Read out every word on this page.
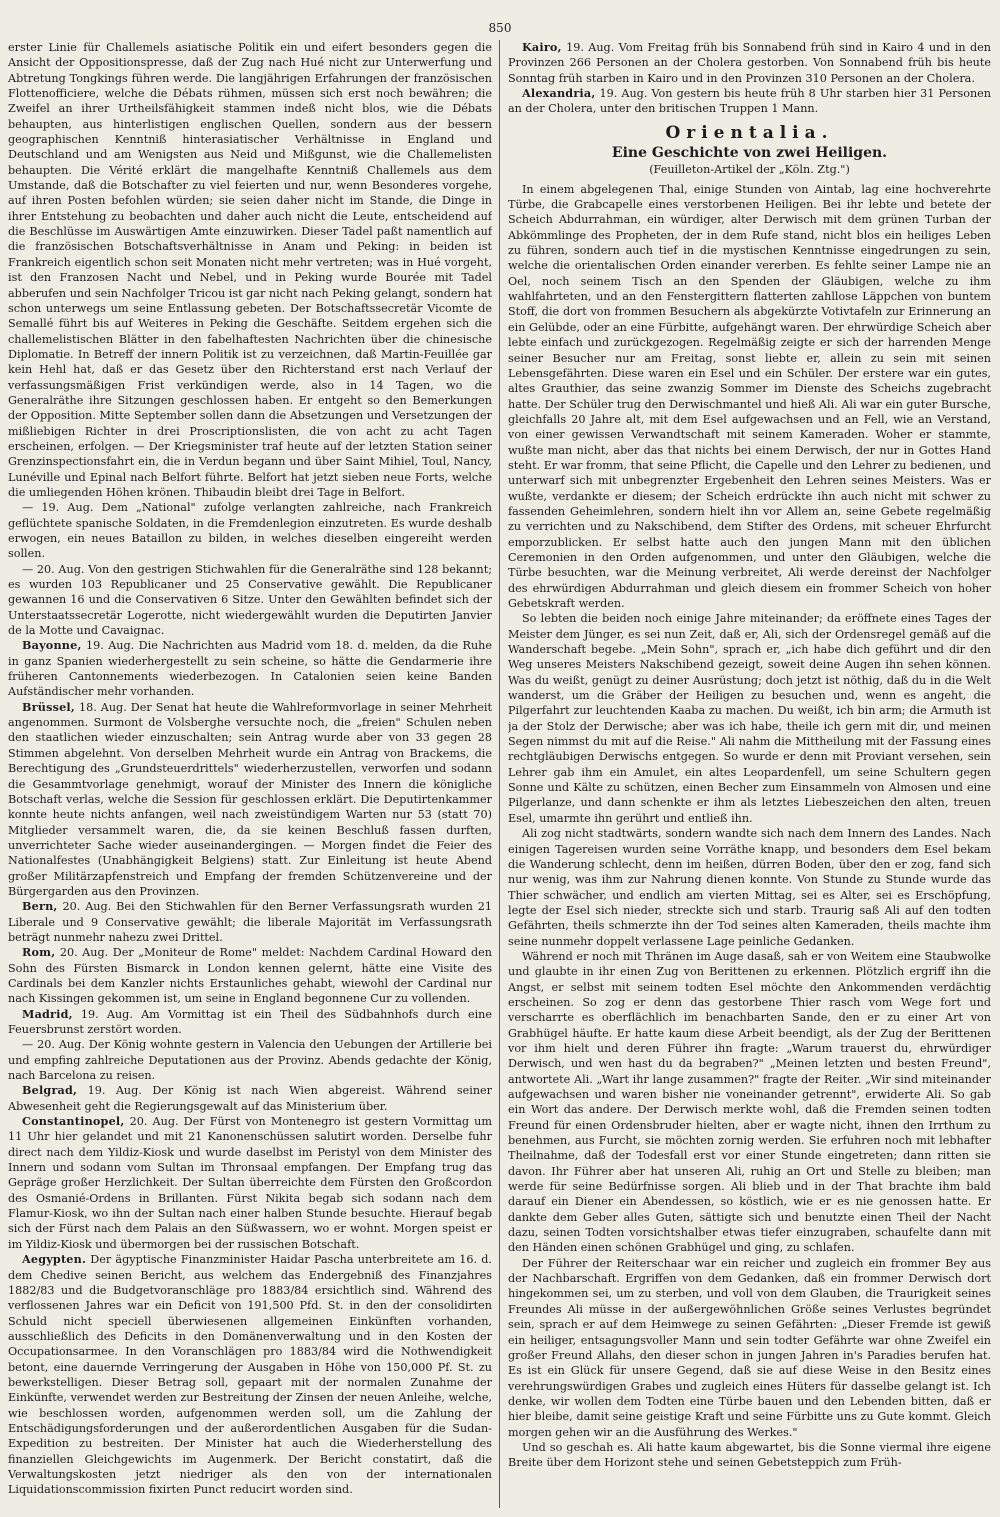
850

erster Linie für Challemels asiatische Politik ein und eifert besonders gegen die Ansicht der Oppositionspresse, daß der Zug nach Hué nicht zur Unterwerfung und Abtretung Tongkings führen werde. Die langjährigen Erfahrungen der französischen Flottenofficiere, welche die Débats rühmen, müssen sich erst noch bewähren; die Zweifel an ihrer Urtheilsfähigkeit stammen indeß nicht blos, wie die Débats behaupten, aus hinterlistigen englischen Quellen, sondern aus der bessern geographischen Kenntniß hinterasiatischer Verhältnisse in England und Deutschland und am Wenigsten aus Neid und Mißgunst, wie die Challemelisten behaupten. Die Vérité erklärt die mangelhafte Kenntniß Challemels aus dem Umstande, daß die Botschafter zu viel feierten und nur, wenn Besonderes vorgehe, auf ihren Posten befohlen würden; sie seien daher nicht im Stande, die Dinge in ihrer Entstehung zu beobachten und daher auch nicht die Leute, entscheidend auf die Beschlüsse im Auswärtigen Amte einzuwirken. Dieser Tadel paßt namentlich auf die französischen Botschaftsverhältnisse in Anam und Peking: in beiden ist Frankreich eigentlich schon seit Monaten nicht mehr vertreten; was in Hué vorgeht, ist den Franzosen Nacht und Nebel, und in Peking wurde Bourée mit Tadel abberufen und sein Nachfolger Tricou ist gar nicht nach Peking gelangt, sondern hat schon unterwegs um seine Entlassung gebeten. Der Botschaftssecretär Vicomte de Semallé führt bis auf Weiteres in Peking die Geschäfte. Seitdem ergehen sich die challemelistischen Blätter in den fabelhaftesten Nachrichten über die chinesische Diplomatie. In Betreff der innern Politik ist zu verzeichnen, daß Martin-Feuillée gar kein Hehl hat, daß er das Gesetz über den Richterstand erst nach Verlauf der verfassungsmäßigen Frist verkündigen werde, also in 14 Tagen, wo die Generalräthe ihre Sitzungen geschlossen haben. Er entgeht so den Bemerkungen der Opposition. Mitte September sollen dann die Absetzungen und Versetzungen der mißliebigen Richter in drei Proscriptionslisten, die von acht zu acht Tagen erscheinen, erfolgen. — Der Kriegsminister traf heute auf der letzten Station seiner Grenzinspectionsfahrt ein, die in Verdun begann und über Saint Mihiel, Toul, Nancy, Lunéville und Epinal nach Belfort führte. Belfort hat jetzt sieben neue Forts, welche die umliegenden Höhen krönen. Thibaudin bleibt drei Tage in Belfort.

— 19. Aug. Dem „National" zufolge verlangten zahlreiche, nach Frankreich geflüchtete spanische Soldaten, in die Fremdenlegion einzutreten. Es wurde deshalb erwogen, ein neues Bataillon zu bilden, in welches dieselben eingereiht werden sollen.

— 20. Aug. Von den gestrigen Stichwahlen für die Generalräthe sind 128 bekannt; es wurden 103 Republicaner und 25 Conservative gewählt. Die Republicaner gewannen 16 und die Conservativen 6 Sitze. Unter den Gewählten befindet sich der Unterstaatssecretär Logerotte, nicht wiedergewählt wurden die Deputirten Janvier de la Motte und Cavaignac.

Bayonne, 19. Aug. Die Nachrichten aus Madrid vom 18. d. melden, da die Ruhe in ganz Spanien wiederhergestellt zu sein scheine, so hätte die Gendarmerie ihre früheren Cantonnements wiederbezogen. In Catalonien seien keine Banden Aufständischer mehr vorhanden.

Brüssel, 18. Aug. Der Senat hat heute die Wahlreformvorlage in seiner Mehrheit angenommen. Surmont de Volsberghe versuchte noch, die „freien" Schulen neben den staatlichen wieder einzuschalten; sein Antrag wurde aber von 33 gegen 28 Stimmen abgelehnt. Von derselben Mehrheit wurde ein Antrag von Brackems, die Berechtigung des „Grundsteuerdrittels" wiederherzustellen, verworfen und sodann die Gesammtvorlage genehmigt, worauf der Minister des Innern die königliche Botschaft verlas, welche die Session für geschlossen erklärt. Die Deputirtenkammer konnte heute nichts anfangen, weil nach zweistündigem Warten nur 53 (statt 70) Mitglieder versammelt waren, die, da sie keinen Beschluß fassen durften, unverrichteter Sache wieder auseinandergingen. — Morgen findet die Feier des Nationalfestes (Unabhängigkeit Belgiens) statt. Zur Einleitung ist heute Abend großer Militärzapfenstreich und Empfang der fremden Schützenvereine und der Bürgergarden aus den Provinzen.

Bern, 20. Aug. Bei den Stichwahlen für den Berner Verfassungsrath wurden 21 Liberale und 9 Conservative gewählt; die liberale Majorität im Verfassungsrath beträgt nunmehr nahezu zwei Drittel.

Rom, 20. Aug. Der „Moniteur de Rome" meldet: Nachdem Cardinal Howard den Sohn des Fürsten Bismarck in London kennen gelernt, hätte eine Visite des Cardinals bei dem Kanzler nichts Erstaunliches gehabt, wiewohl der Cardinal nur nach Kissingen gekommen ist, um seine in England begonnene Cur zu vollenden.

Madrid, 19. Aug. Am Vormittag ist ein Theil des Südbahnhofs durch eine Feuersbrunst zerstört worden.

— 20. Aug. Der König wohnte gestern in Valencia den Uebungen der Artillerie bei und empfing zahlreiche Deputationen aus der Provinz. Abends gedachte der König, nach Barcelona zu reisen.

Belgrad, 19. Aug. Der König ist nach Wien abgereist. Während seiner Abwesenheit geht die Regierungsgewalt auf das Ministerium über.

Constantinopel, 20. Aug. Der Fürst von Montenegro ist gestern Vormittag um 11 Uhr hier gelandet und mit 21 Kanonenschüssen salutirt worden. Derselbe fuhr direct nach dem Yildiz-Kiosk und wurde daselbst im Peristyl von dem Minister des Innern und sodann vom Sultan im Thronsaal empfangen. Der Empfang trug das Gepräge großer Herzlichkeit. Der Sultan überreichte dem Fürsten den Großcordon des Osmanié-Ordens in Brillanten. Fürst Nikita begab sich sodann nach dem Flamur-Kiosk, wo ihn der Sultan nach einer halben Stunde besuchte. Hierauf begab sich der Fürst nach dem Palais an den Süßwassern, wo er wohnt. Morgen speist er im Yildiz-Kiosk und übermorgen bei der russischen Botschaft.

Aegypten. Der ägyptische Finanzminister Haidar Pascha unterbreitete am 16. d. dem Chedive seinen Bericht, aus welchem das Endergebniß des Finanzjahres 1882/83 und die Budgetvoranschläge pro 1883/84 ersichtlich sind. Während des verflossenen Jahres war ein Deficit von 191,500 Pfd. St. in den der consolidirten Schuld nicht speciell überwiesenen allgemeinen Einkünften vorhanden, ausschließlich des Deficits in den Domänenverwaltung und in den Kosten der Occupationsarmee. In den Voranschlägen pro 1883/84 wird die Nothwendigkeit betont, eine dauernde Verringerung der Ausgaben in Höhe von 150,000 Pf. St. zu bewerkstelligen. Dieser Betrag soll, gepaart mit der normalen Zunahme der Einkünfte, verwendet werden zur Bestreitung der Zinsen der neuen Anleihe, welche, wie beschlossen worden, aufgenommen werden soll, um die Zahlung der Entschädigungsforderungen und der außerordentlichen Ausgaben für die Sudan-Expedition zu bestreiten. Der Minister hat auch die Wiederherstellung des finanziellen Gleichgewichts im Augenmerk. Der Bericht constatirt, daß die Verwaltungskosten jetzt niedriger als den von der internationalen Liquidationscommission fixirten Punct reducirt worden sind.

Kairo, 19. Aug. Vom Freitag früh bis Sonnabend früh sind in Kairo 4 und in den Provinzen 266 Personen an der Cholera gestorben. Von Sonnabend früh bis heute Sonntag früh starben in Kairo und in den Provinzen 310 Personen an der Cholera.

Alexandria, 19. Aug. Von gestern bis heute früh 8 Uhr starben hier 31 Personen an der Cholera, unter den britischen Truppen 1 Mann.

Orientalia.
Eine Geschichte von zwei Heiligen.
(Feuilleton-Artikel der „Köln. Ztg.")

In einem abgelegenen Thal, einige Stunden von Aintab, lag eine hochverehrte Türbe, die Grabcapelle eines verstorbenen Heiligen. Bei ihr lebte und betete der Scheich Abdurrahman, ein würdiger, alter Derwisch mit dem grünen Turban der Abkömmlinge des Propheten, der in dem Rufe stand, nicht blos ein heiliges Leben zu führen, sondern auch tief in die mystischen Kenntnisse eingedrungen zu sein, welche die orientalischen Orden einander vererben. Es fehlte seiner Lampe nie an Oel, noch seinem Tisch an den Spenden der Gläubigen, welche zu ihm wahlfahrteten, und an den Fenstergittern flatterten zahllose Läppchen von buntem Stoff, die dort von frommen Besuchern als abgekürzte Votivtafeln zur Erinnerung an ein Gelübde, oder an eine Fürbitte, aufgehängt waren. Der ehrwürdige Scheich aber lebte einfach und zurückgezogen. Regelmäßig zeigte er sich der harrenden Menge seiner Besucher nur am Freitag, sonst liebte er, allein zu sein mit seinen Lebensgefährten. Diese waren ein Esel und ein Schüler. Der erstere war ein gutes, altes Grauthier, das seine zwanzig Sommer im Dienste des Scheichs zugebracht hatte. Der Schüler trug den Derwischmantel und hieß Ali. Ali war ein guter Bursche, gleichfalls 20 Jahre alt, mit dem Esel aufgewachsen und an Fell, wie an Verstand, von einer gewissen Verwandtschaft mit seinem Kameraden. Woher er stammte, wußte man nicht, aber das that nichts bei einem Derwisch, der nur in Gottes Hand steht. Er war fromm, that seine Pflicht, die Capelle und den Lehrer zu bedienen, und unterwarf sich mit unbegrenzter Ergebenheit den Lehren seines Meisters. Was er wußte, verdankte er diesem; der Scheich erdrückte ihn auch nicht mit schwer zu fassenden Geheimlehren, sondern hielt ihn vor Allem an, seine Gebete regelmäßig zu verrichten und zu Nakschibend, dem Stifter des Ordens, mit scheuer Ehrfurcht emporzublicken. Er selbst hatte auch den jungen Mann mit den üblichen Ceremonien in den Orden aufgenommen, und unter den Gläubigen, welche die Türbe besuchten, war die Meinung verbreitet, Ali werde dereinst der Nachfolger des ehrwürdigen Abdurrahman und gleich diesem ein frommer Scheich von hoher Gebetskraft werden.

So lebten die beiden noch einige Jahre miteinander; da eröffnete eines Tages der Meister dem Jünger, es sei nun Zeit, daß er, Ali, sich der Ordensregel gemäß auf die Wanderschaft begebe. „Mein Sohn", sprach er, „ich habe dich geführt und dir den Weg unseres Meisters Nakschibend gezeigt, soweit deine Augen ihn sehen können. Was du weißt, genügt zu deiner Ausrüstung; doch jetzt ist nöthig, daß du in die Welt wanderst, um die Gräber der Heiligen zu besuchen und, wenn es angeht, die Pilgerfahrt zur leuchtenden Kaaba zu machen. Du weißt, ich bin arm; die Armuth ist ja der Stolz der Derwische; aber was ich habe, theile ich gern mit dir, und meinen Segen nimmst du mit auf die Reise." Ali nahm die Mittheilung mit der Fassung eines rechtgläubigen Derwischs entgegen. So wurde er denn mit Proviant versehen, sein Lehrer gab ihm ein Amulet, ein altes Leopardenfell, um seine Schultern gegen Sonne und Kälte zu schützen, einen Becher zum Einsammeln von Almosen und eine Pilgerlanze, und dann schenkte er ihm als letztes Liebeszeichen den alten, treuen Esel, umarmte ihn gerührt und entließ ihn.

Ali zog nicht stadtwärts, sondern wandte sich nach dem Innern des Landes. Nach einigen Tagereisen wurden seine Vorräthe knapp, und besonders dem Esel bekam die Wanderung schlecht, denn im heißen, dürren Boden, über den er zog, fand sich nur wenig, was ihm zur Nahrung dienen konnte. Von Stunde zu Stunde wurde das Thier schwächer, und endlich am vierten Mittag, sei es Alter, sei es Erschöpfung, legte der Esel sich nieder, streckte sich und starb. Traurig saß Ali auf den todten Gefährten, theils schmerzte ihn der Tod seines alten Kameraden, theils machte ihm seine nunmehr doppelt verlassene Lage peinliche Gedanken.

Während er noch mit Thränen im Auge dasaß, sah er von Weitem eine Staubwolke und glaubte in ihr einen Zug von Berittenen zu erkennen. Plötzlich ergriff ihn die Angst, er selbst mit seinem todten Esel möchte den Ankommenden verdächtig erscheinen. So zog er denn das gestorbene Thier rasch vom Wege fort und verscharrte es oberflächlich im benachbarten Sande, den er zu einer Art von Grabhügel häufte. Er hatte kaum diese Arbeit beendigt, als der Zug der Berittenen vor ihm hielt und deren Führer ihn fragte: „Warum trauerst du, ehrwürdiger Derwisch, und wen hast du da begraben?" „Meinen letzten und besten Freund", antwortete Ali. „Wart ihr lange zusammen?" fragte der Reiter. „Wir sind miteinander aufgewachsen und waren bisher nie voneinander getrennt", erwiderte Ali. So gab ein Wort das andere. Der Derwisch merkte wohl, daß die Fremden seinen todten Freund für einen Ordensbruder hielten, aber er wagte nicht, ihnen den Irrthum zu benehmen, aus Furcht, sie möchten zornig werden. Sie erfuhren noch mit lebhafter Theilnahme, daß der Todesfall erst vor einer Stunde eingetreten; dann ritten sie davon. Ihr Führer aber hat unseren Ali, ruhig an Ort und Stelle zu bleiben; man werde für seine Bedürfnisse sorgen. Ali blieb und in der That brachte ihm bald darauf ein Diener ein Abendessen, so köstlich, wie er es nie genossen hatte. Er dankte dem Geber alles Guten, sättigte sich und benutzte einen Theil der Nacht dazu, seinen Todten vorsichtshalber etwas tiefer einzugraben, schaufelte dann mit den Händen einen schönen Grabhügel und ging, zu schlafen.

Der Führer der Reiterschaar war ein reicher und zugleich ein frommer Bey aus der Nachbarschaft. Ergriffen von dem Gedanken, daß ein frommer Derwisch dort hingekommen sei, um zu sterben, und voll von dem Glauben, die Traurigkeit seines Freundes Ali müsse in der außergewöhnlichen Größe seines Verlustes begründet sein, sprach er auf dem Heimwege zu seinen Gefährten: „Dieser Fremde ist gewiß ein heiliger, entsagungsvoller Mann und sein todter Gefährte war ohne Zweifel ein großer Freund Allahs, den dieser schon in jungen Jahren in's Paradies berufen hat. Es ist ein Glück für unsere Gegend, daß sie auf diese Weise in den Besitz eines verehrungswürdigen Grabes und zugleich eines Hüters für dasselbe gelangt ist. Ich denke, wir wollen dem Todten eine Türbe bauen und den Lebenden bitten, daß er hier bleibe, damit seine geistige Kraft und seine Fürbitte uns zu Gute kommt. Gleich morgen gehen wir an die Ausführung des Werkes."

Und so geschah es. Ali hatte kaum abgewartet, bis die Sonne viermal ihre eigene Breite über dem Horizont stehe und seinen Gebetsteppich zum Früh-
